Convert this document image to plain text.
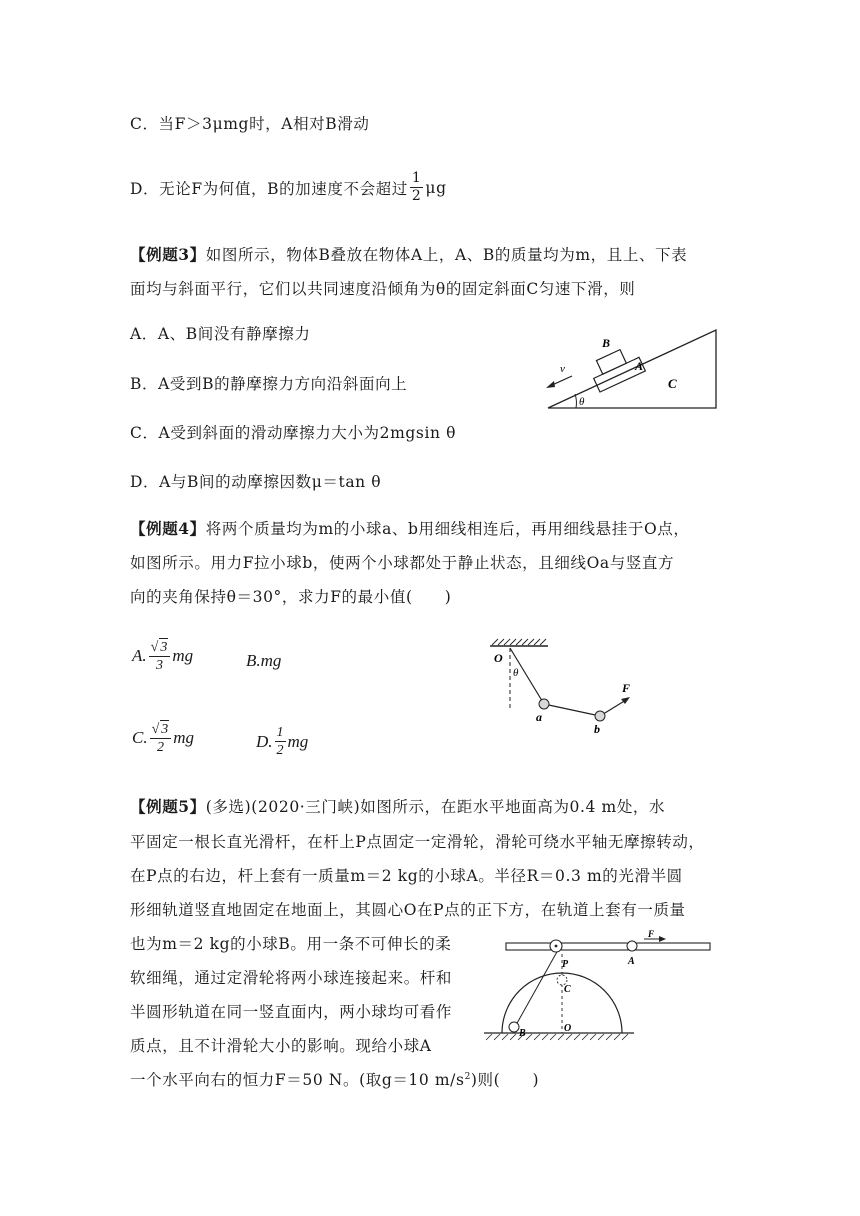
C．当F＞3μmg时，A相对B滑动
D．无论F为何值，B的加速度不会超过 $\frac{1}{2}$ μg
【例题3】如图所示，物体B叠放在物体A上，A、B的质量均为m，且上、下表
面均与斜面平行，它们以共同速度沿倾角为θ的固定斜面C匀速下滑，则
A．A、B间没有静摩擦力
B．A受到B的静摩擦力方向沿斜面向上
C．A受到斜面的滑动摩擦力大小为2mgsin θ
D．A与B间的动摩擦因数μ＝tan θ
θ
A
B
C
v
【例题4】将两个质量均为m的小球a、b用细线相连后，再用细线悬挂于O点，
如图所示。用力F拉小球b，使两个小球都处于静止状态，且细线Oa与竖直方
向的夹角保持θ＝30°，求力F的最小值(　　)
A. $\frac{√ 3}{3}$ mg	B.mg
C. $\frac{√ 3}{2}$ mg	D. $\frac{1}{2}$ mg
O
θ
a
b
F
【例题5】(多选)(2020·三门峡)如图所示，在距水平地面高为0.4 m处，水
平固定一根长直光滑杆，在杆上P点固定一定滑轮，滑轮可绕水平轴无摩擦转动，
在P点的右边，杆上套有一质量m＝2 kg的小球A。半径R＝0.3 m的光滑半圆
形细轨道竖直地固定在地面上，其圆心O在P点的正下方，在轨道上套有一质量
也为m＝2 kg的小球B。用一条不可伸长的柔
软细绳，通过定滑轮将两小球连接起来。杆和
半圆形轨道在同一竖直面内，两小球均可看作
质点，且不计滑轮大小的影响。现给小球A
一个水平向右的恒力F＝50 N。(取g＝10 $m/s^2$)则(　　)
P	A
F
C
B	O
